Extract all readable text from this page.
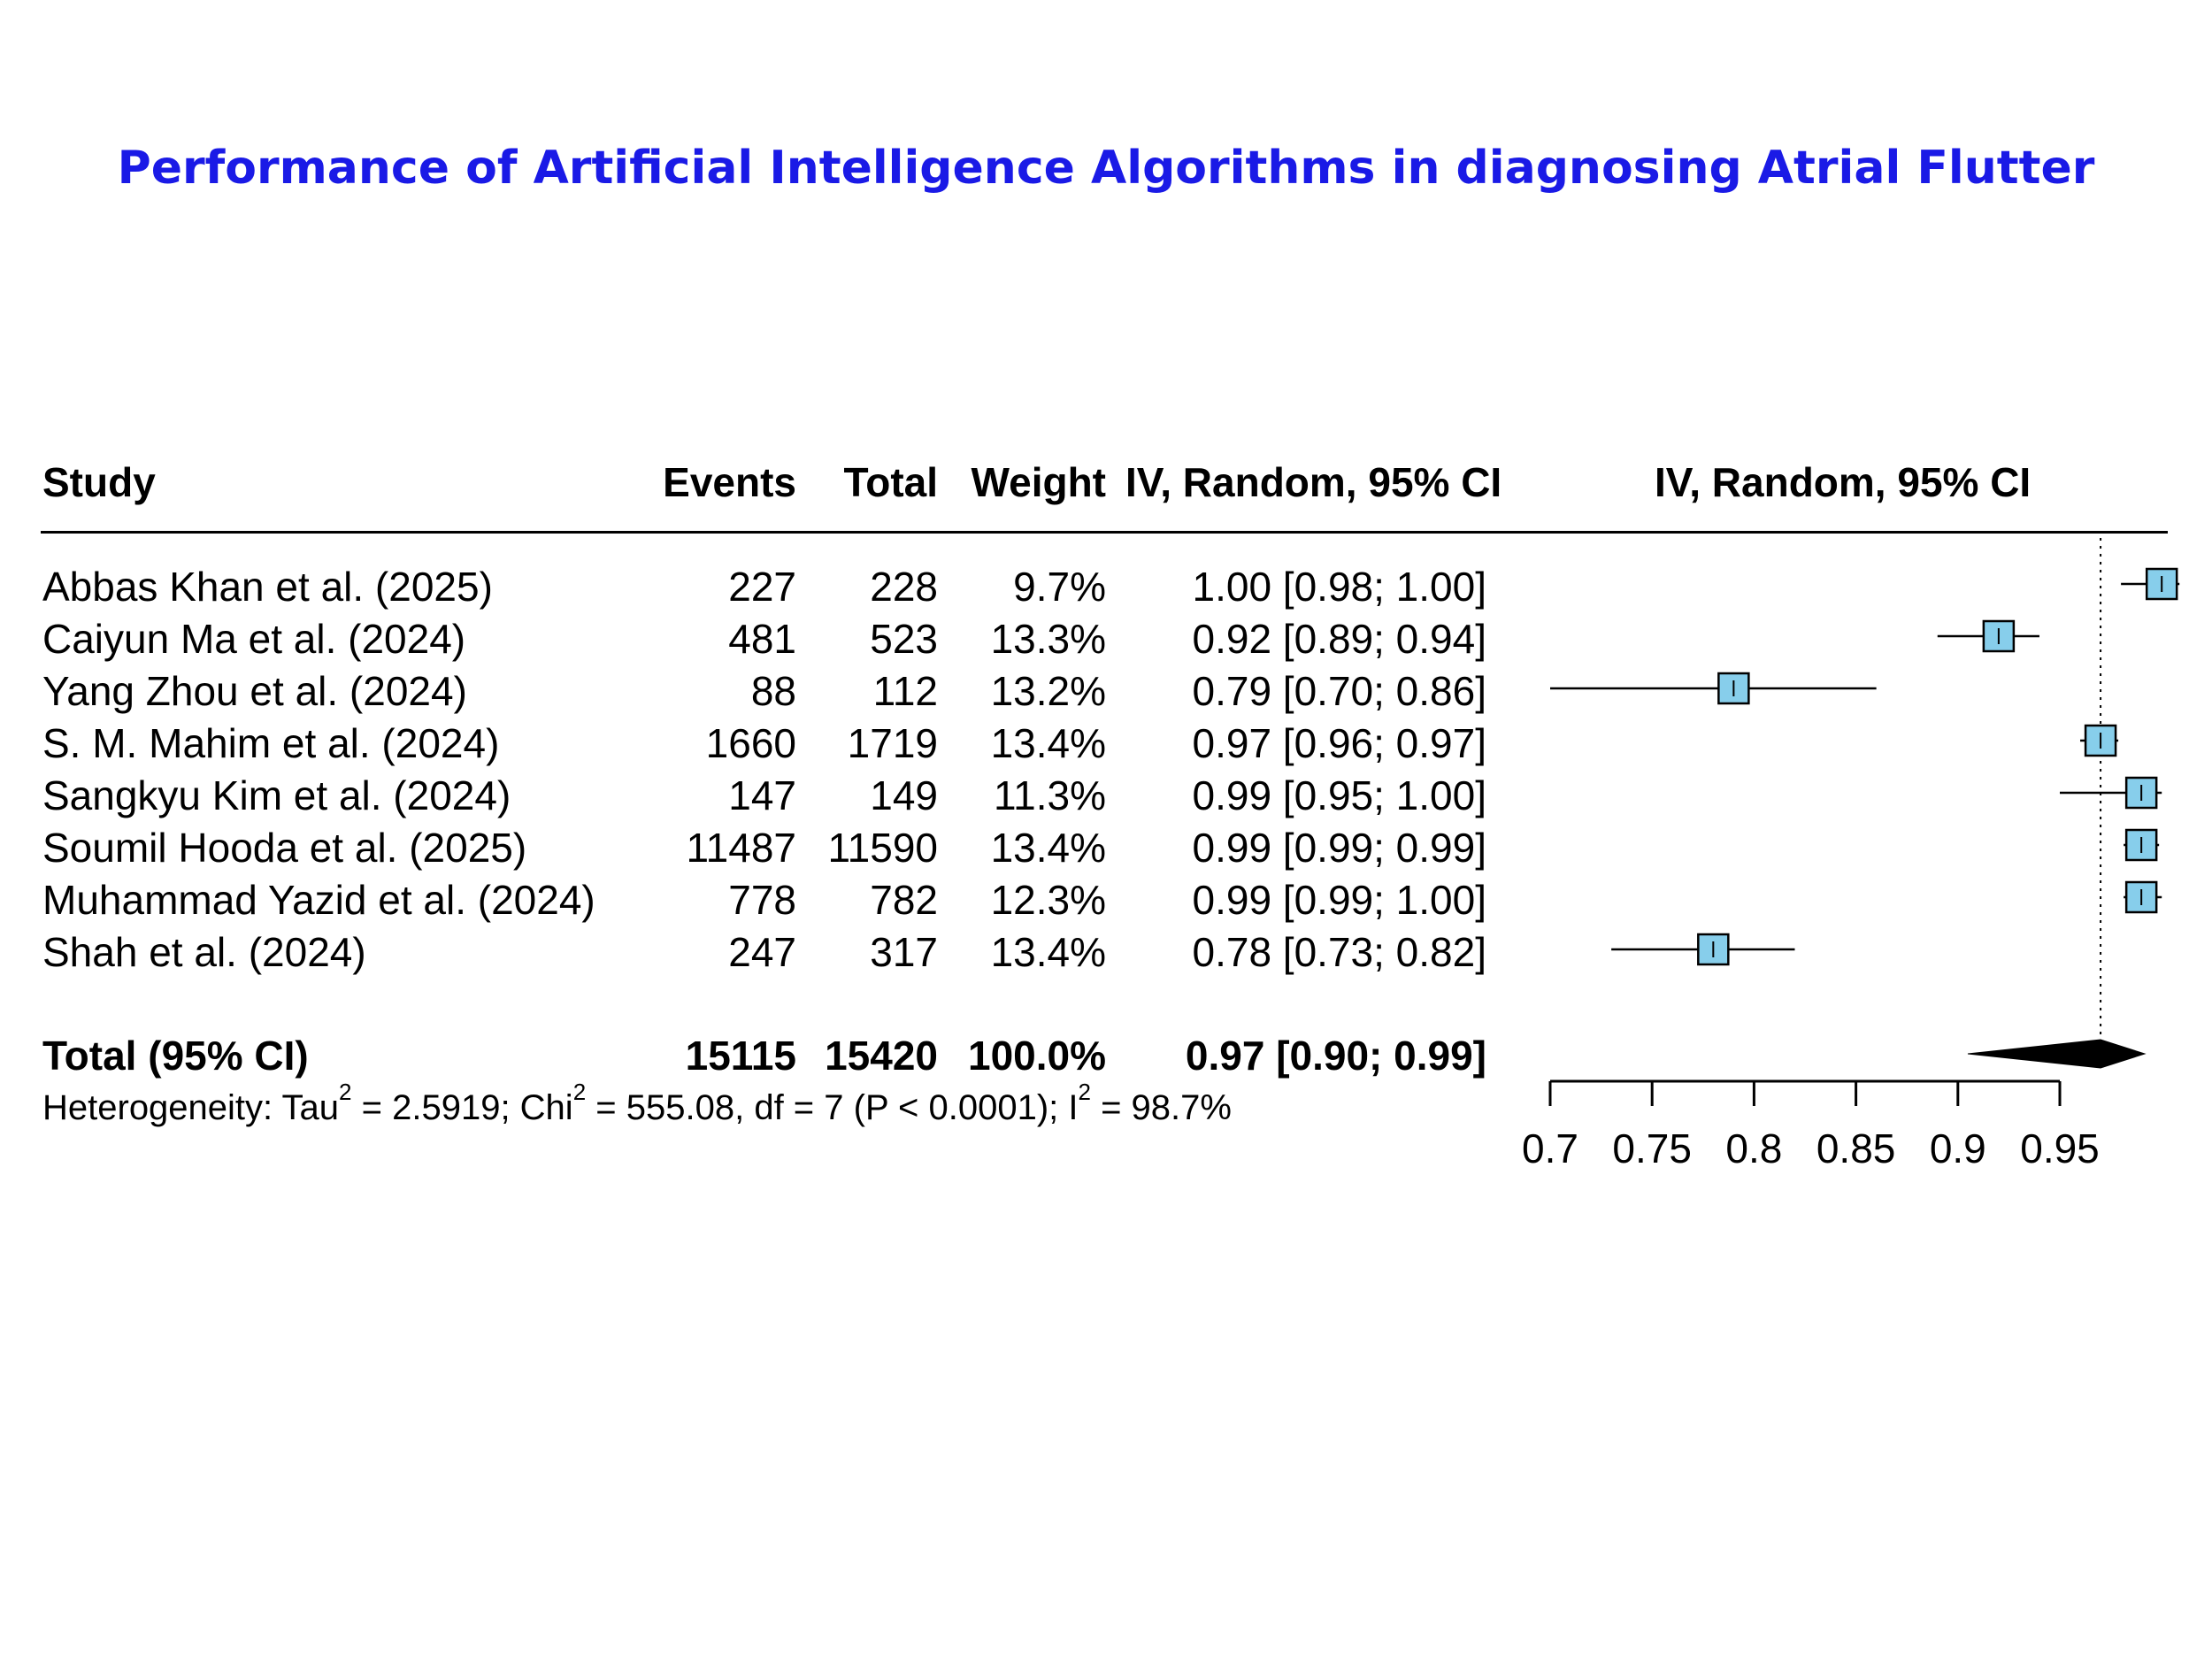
Performance of Artificial Intelligence Algorithms in diagnosing Atrial Flutter
Study	Events	Total Weight IV, Random, 95% CI	IV, Random, 95% CI
Abbas Khan et al. (2025)	227	228	9.7%	1.00 [0.98; 1.00]
Caiyun Ma et al. (2024)	481	523	13.3%	0.92 [0.89; 0.94]
Yang Zhou et al. (2024)	88	112	13.2%	0.79 [0.70; 0.86]
S. M. Mahim et al. (2024)	1660	1719	13.4%	0.97 [0.96; 0.97]
Sangkyu Kim et al. (2024)	147	149	11.3%	0.99 [0.95; 1.00]
Soumil Hooda et al. (2025)	11487 11590	13.4%	0.99 [0.99; 0.99]
Muhammad Yazid et al. (2024)	778	782	12.3%	0.99 [0.99; 1.00]
Shah et al. (2024)	247	317	13.4%	0.78 [0.73; 0.82]
Total (95% CI)	15115 15420 100.0%	0.97 [0.90; 0.99]
Heterogeneity: Tau$^2$ = 2.5919; Chi$^2$ = 555.08, df = 7 (P < 0.0001); $I^2 = 98.7\%$
0.7 0.75 0.8 0.85 0.9 0.95
